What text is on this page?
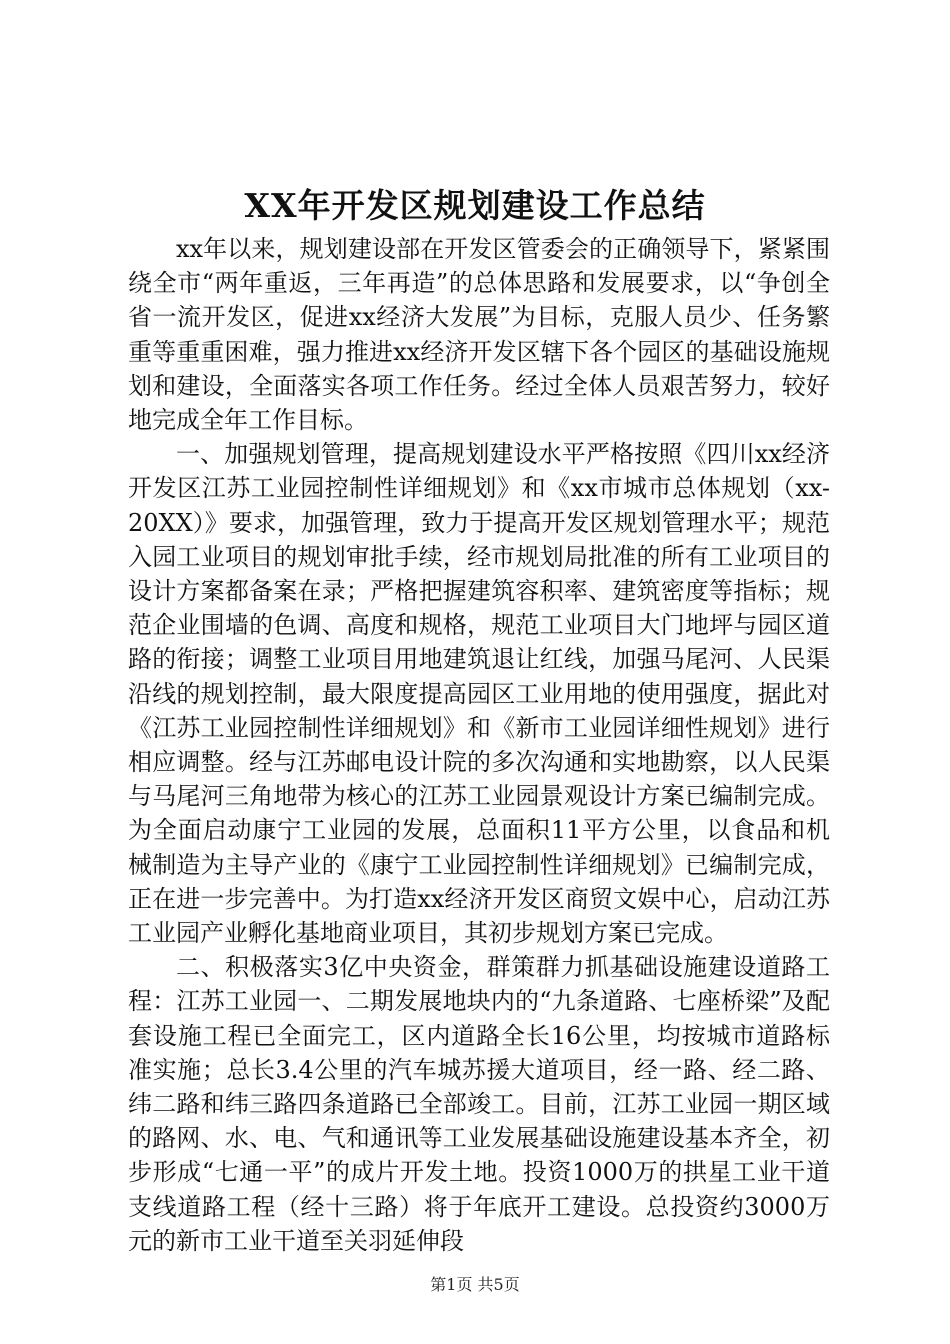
XX年开发区规划建设工作总结

xx年以来，规划建设部在开发区管委会的正确领导下，紧紧围绕全市“两年重返，三年再造”的总体思路和发展要求，以“争创全省一流开发区，促进xx经济大发展”为目标，克服人员少、任务繁重等重重困难，强力推进xx经济开发区辖下各个园区的基础设施规划和建设，全面落实各项工作任务。经过全体人员艰苦努力，较好地完成全年工作目标。

一、加强规划管理，提高规划建设水平严格按照《四川xx经济开发区江苏工业园控制性详细规划》和《xx市城市总体规划（xx-20XX）》要求，加强管理，致力于提高开发区规划管理水平；规范入园工业项目的规划审批手续，经市规划局批准的所有工业项目的设计方案都备案在录；严格把握建筑容积率、建筑密度等指标；规范企业围墙的色调、高度和规格，规范工业项目大门地坪与园区道路的衔接；调整工业项目用地建筑退让红线，加强马尾河、人民渠沿线的规划控制，最大限度提高园区工业用地的使用强度，据此对《江苏工业园控制性详细规划》和《新市工业园详细性规划》进行相应调整。经与江苏邮电设计院的多次沟通和实地勘察，以人民渠与马尾河三角地带为核心的江苏工业园景观设计方案已编制完成。为全面启动康宁工业园的发展，总面积11平方公里，以食品和机械制造为主导产业的《康宁工业园控制性详细规划》已编制完成，正在进一步完善中。为打造xx经济开发区商贸文娱中心，启动江苏工业园产业孵化基地商业项目，其初步规划方案已完成。

二、积极落实3亿中央资金，群策群力抓基础设施建设道路工程：江苏工业园一、二期发展地块内的“九条道路、七座桥梁”及配套设施工程已全面完工，区内道路全长16公里，均按城市道路标准实施；总长3.4公里的汽车城苏援大道项目，经一路、经二路、纬二路和纬三路四条道路已全部竣工。目前，江苏工业园一期区域的路网、水、电、气和通讯等工业发展基础设施建设基本齐全，初步形成“七通一平”的成片开发土地。投资1000万的拱星工业干道支线道路工程（经十三路）将于年底开工建设。总投资约3000万元的新市工业干道至关羽延伸段

第1页 共5页
